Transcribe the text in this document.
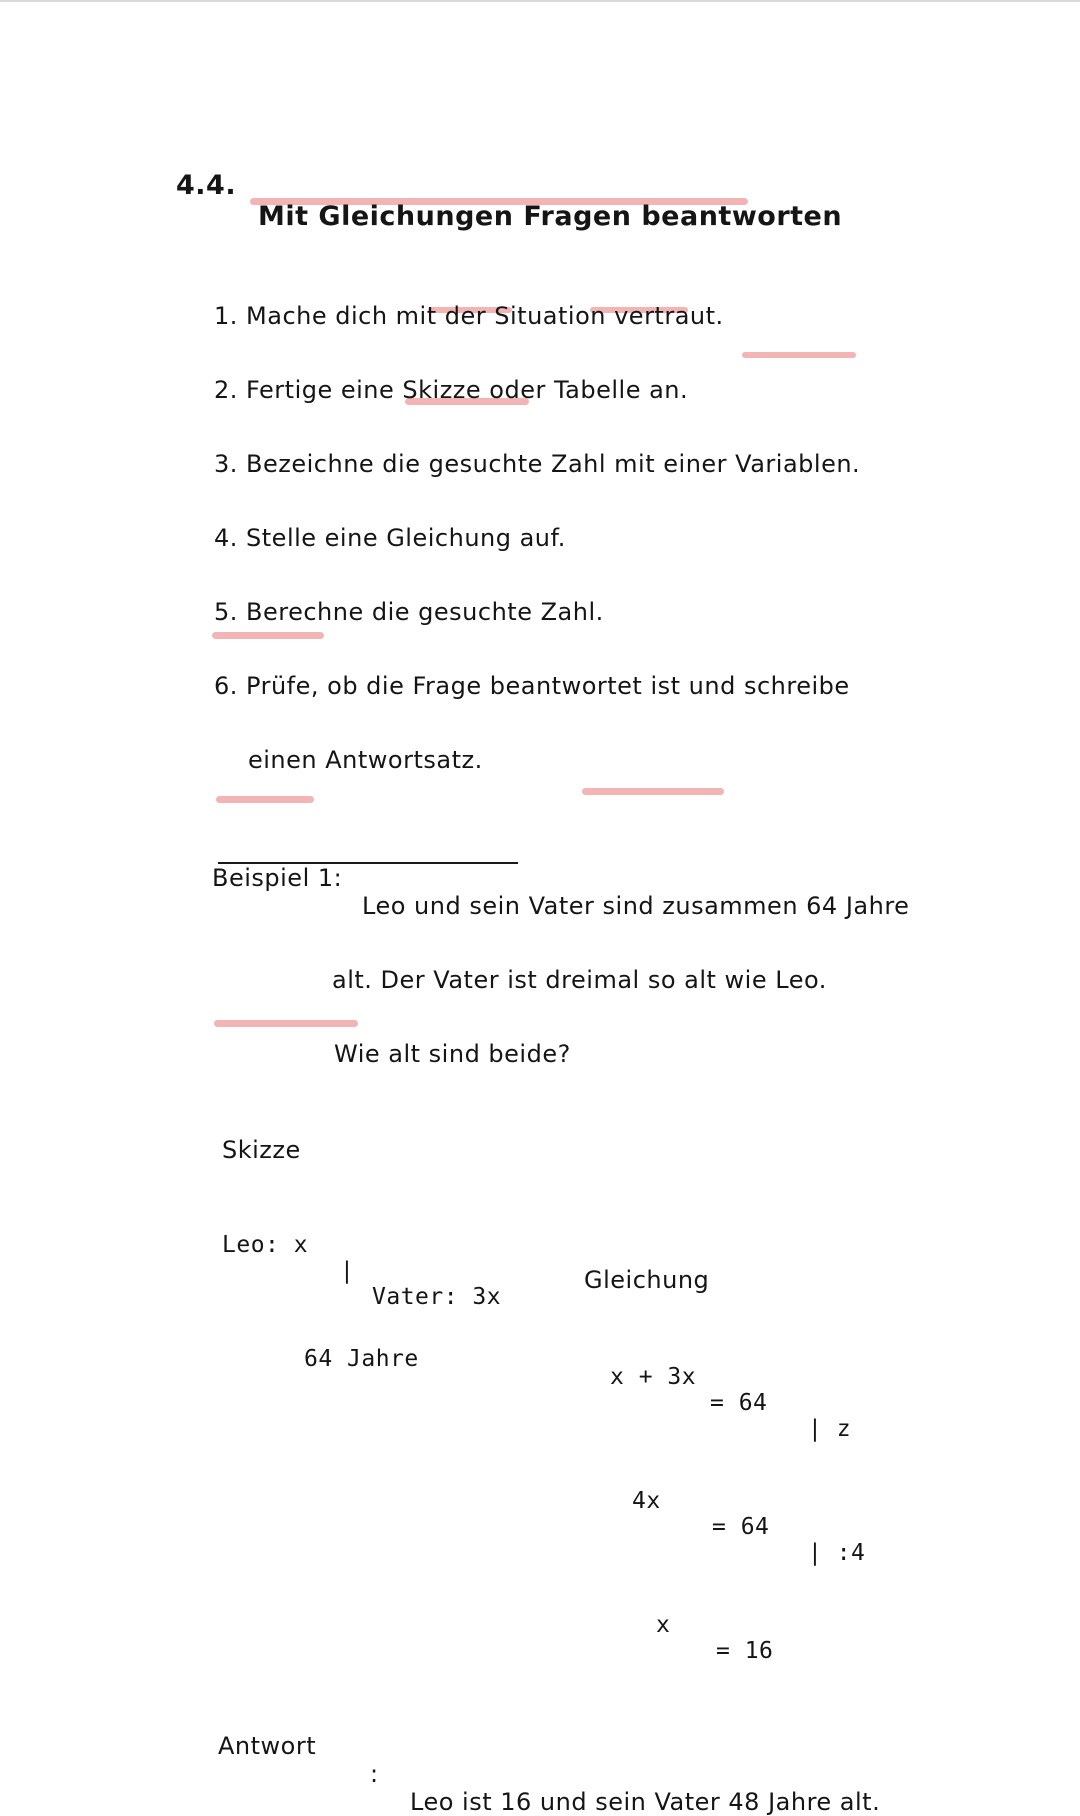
4.4.
Mit Gleichungen Fragen beantworten
1. Mache dich mit der Situation vertraut.
2. Fertige eine Skizze oder Tabelle an.
3. Bezeichne die gesuchte Zahl mit einer Variablen.
4. Stelle eine Gleichung auf.
5. Berechne die gesuchte Zahl.
6. Prüfe, ob die Frage beantwortet ist und schreibe
einen Antwortsatz.
Beispiel 1:
Leo und sein Vater sind zusammen 64 Jahre
alt. Der Vater ist dreimal so alt wie Leo.
Wie alt sind beide?
Skizze
Leo: x
|
Vater: 3x
64 Jahre
Gleichung
x + 3x
= 64
| z
4x
= 64
| :4
x
= 16
Antwort
:
Leo ist 16 und sein Vater 48 Jahre alt.
